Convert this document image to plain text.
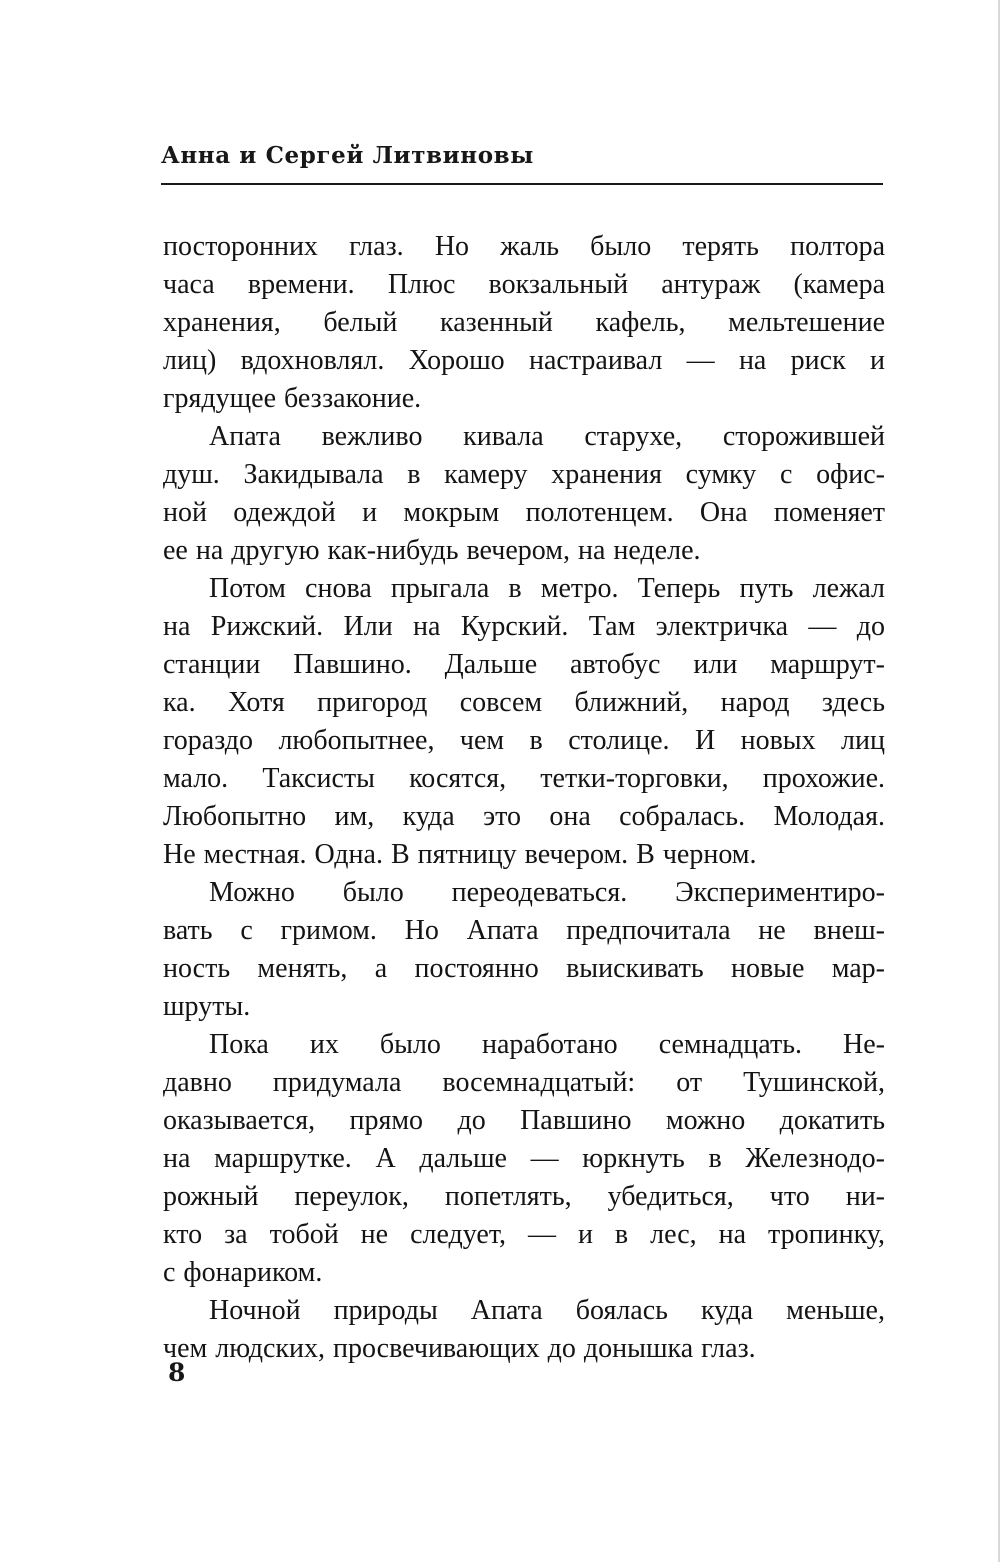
Анна и Сергей Литвиновы
посторонних глаз. Но жаль было терять полтора
часа времени. Плюс вокзальный антураж (камера
хранения, белый казенный кафель, мельтешение
лиц) вдохновлял. Хорошо настраивал — на риск и
грядущее беззаконие.
Апата вежливо кивала старухе, сторожившей
душ. Закидывала в камеру хранения сумку с офис-
ной одеждой и мокрым полотенцем. Она поменяет
ее на другую как-нибудь вечером, на неделе.
Потом снова прыгала в метро. Теперь путь лежал
на Рижский. Или на Курский. Там электричка — до
станции Павшино. Дальше автобус или маршрут-
ка. Хотя пригород совсем ближний, народ здесь
гораздо любопытнее, чем в столице. И новых лиц
мало. Таксисты косятся, тетки-торговки, прохожие.
Любопытно им, куда это она собралась. Молодая.
Не местная. Одна. В пятницу вечером. В черном.
Можно было переодеваться. Экспериментиро-
вать с гримом. Но Апата предпочитала не внеш-
ность менять, а постоянно выискивать новые мар-
шруты.
Пока их было наработано семнадцать. Не-
давно придумала восемнадцатый: от Тушинской,
оказывается, прямо до Павшино можно докатить
на маршрутке. А дальше — юркнуть в Железнодо-
рожный переулок, попетлять, убедиться, что ни-
кто за тобой не следует, — и в лес, на тропинку,
с фонариком.
Ночной природы Апата боялась куда меньше,
чем людских, просвечивающих до донышка глаз.
8
